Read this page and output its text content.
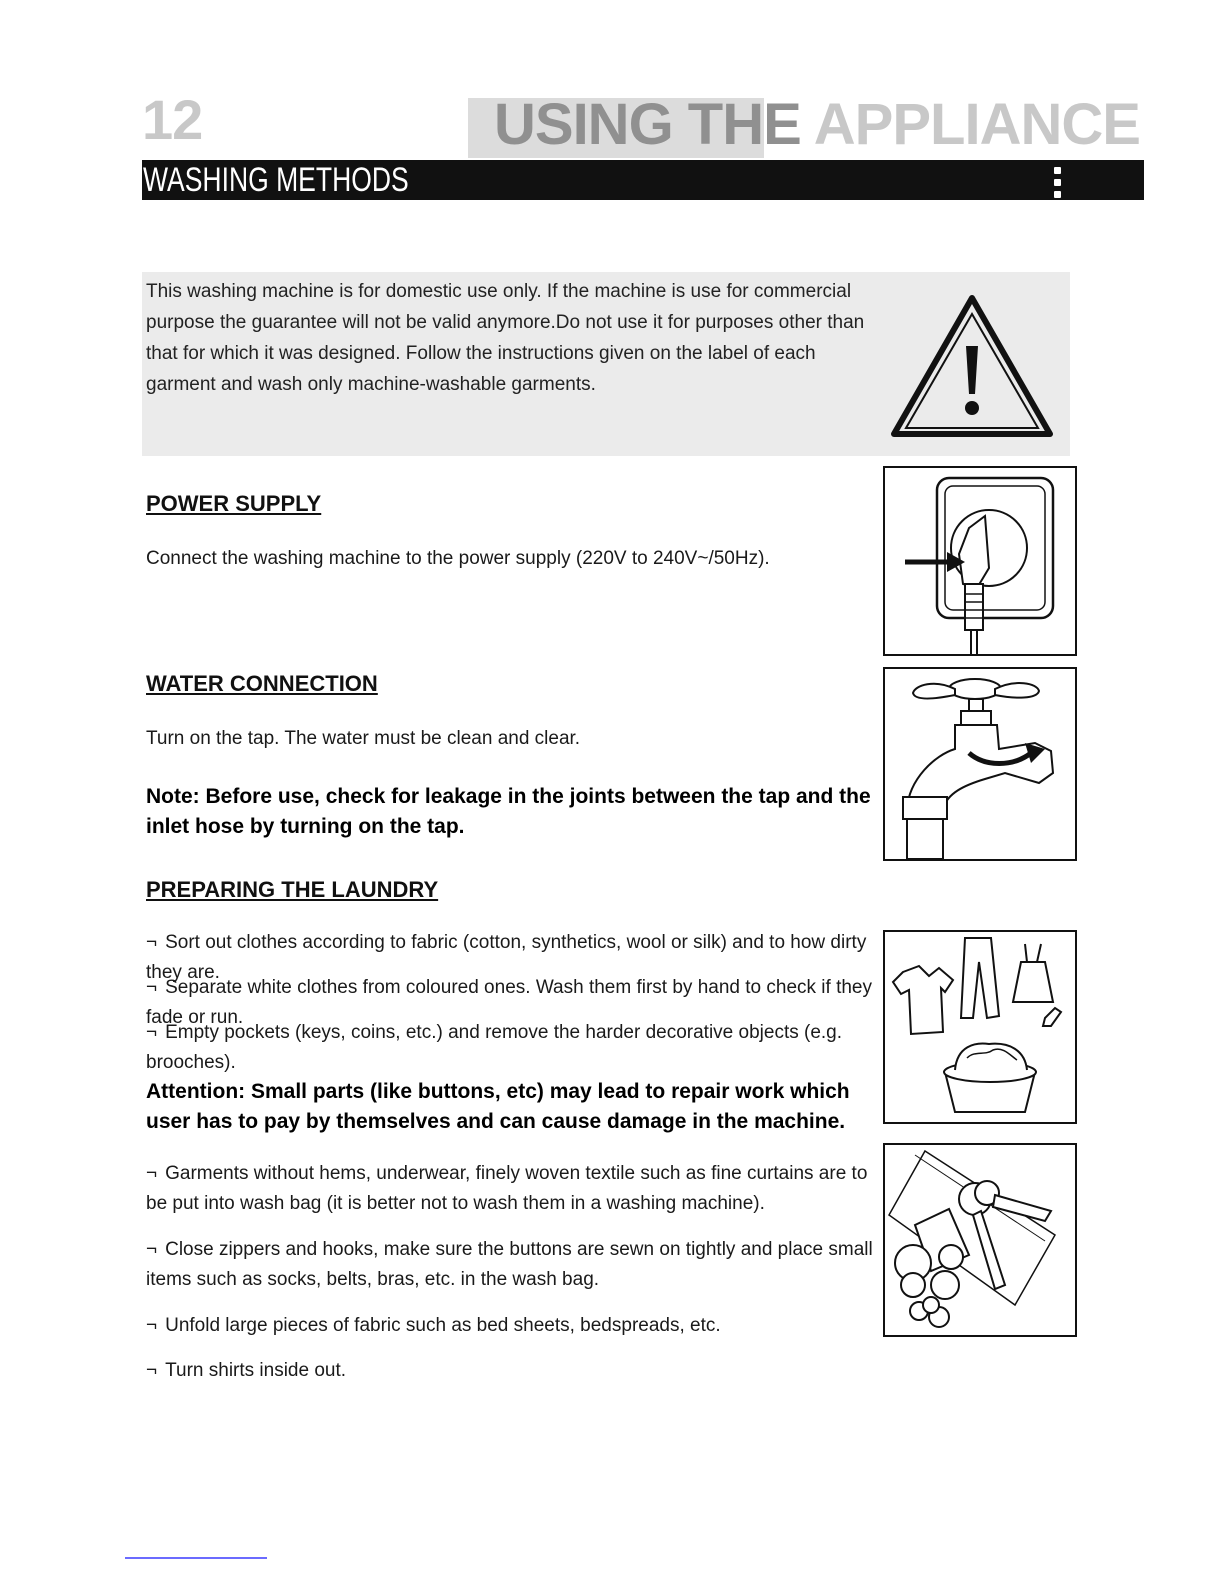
12	USING THE APPLIANCE
WASHING METHODS
This washing machine is for domestic use only. If the machine is use for commercial purpose the guarantee will not be valid anymore.Do not use it for purposes other than that for which it was designed. Follow the instructions given on the label of each garment and wash only machine-washable garments.
POWER SUPPLY
Connect the washing machine to the power supply (220V to 240V~/50Hz).
WATER CONNECTION
Turn on the tap. The water must be clean and clear.
Note: Before use, check for leakage in the joints between the tap and the inlet hose by turning on the tap.
PREPARING THE LAUNDRY
¬ Sort out clothes according to fabric (cotton, synthetics, wool or silk) and to how dirty they are.
¬ Separate white clothes from coloured ones. Wash them first by hand to check if they fade or run.
¬ Empty pockets (keys, coins, etc.) and remove the harder decorative objects (e.g. brooches).
Attention: Small parts (like buttons, etc) may lead to repair work which user has to pay by themselves and can cause damage in the machine.
¬ Garments without hems, underwear, finely woven textile such as fine curtains are to be put into wash bag (it is better not to wash them in a washing machine).
¬ Close zippers and hooks, make sure the buttons are sewn on tightly and place small items such as socks, belts, bras, etc. in the wash bag.
¬ Unfold large pieces of fabric such as bed sheets, bedspreads, etc.
¬ Turn shirts inside out.
